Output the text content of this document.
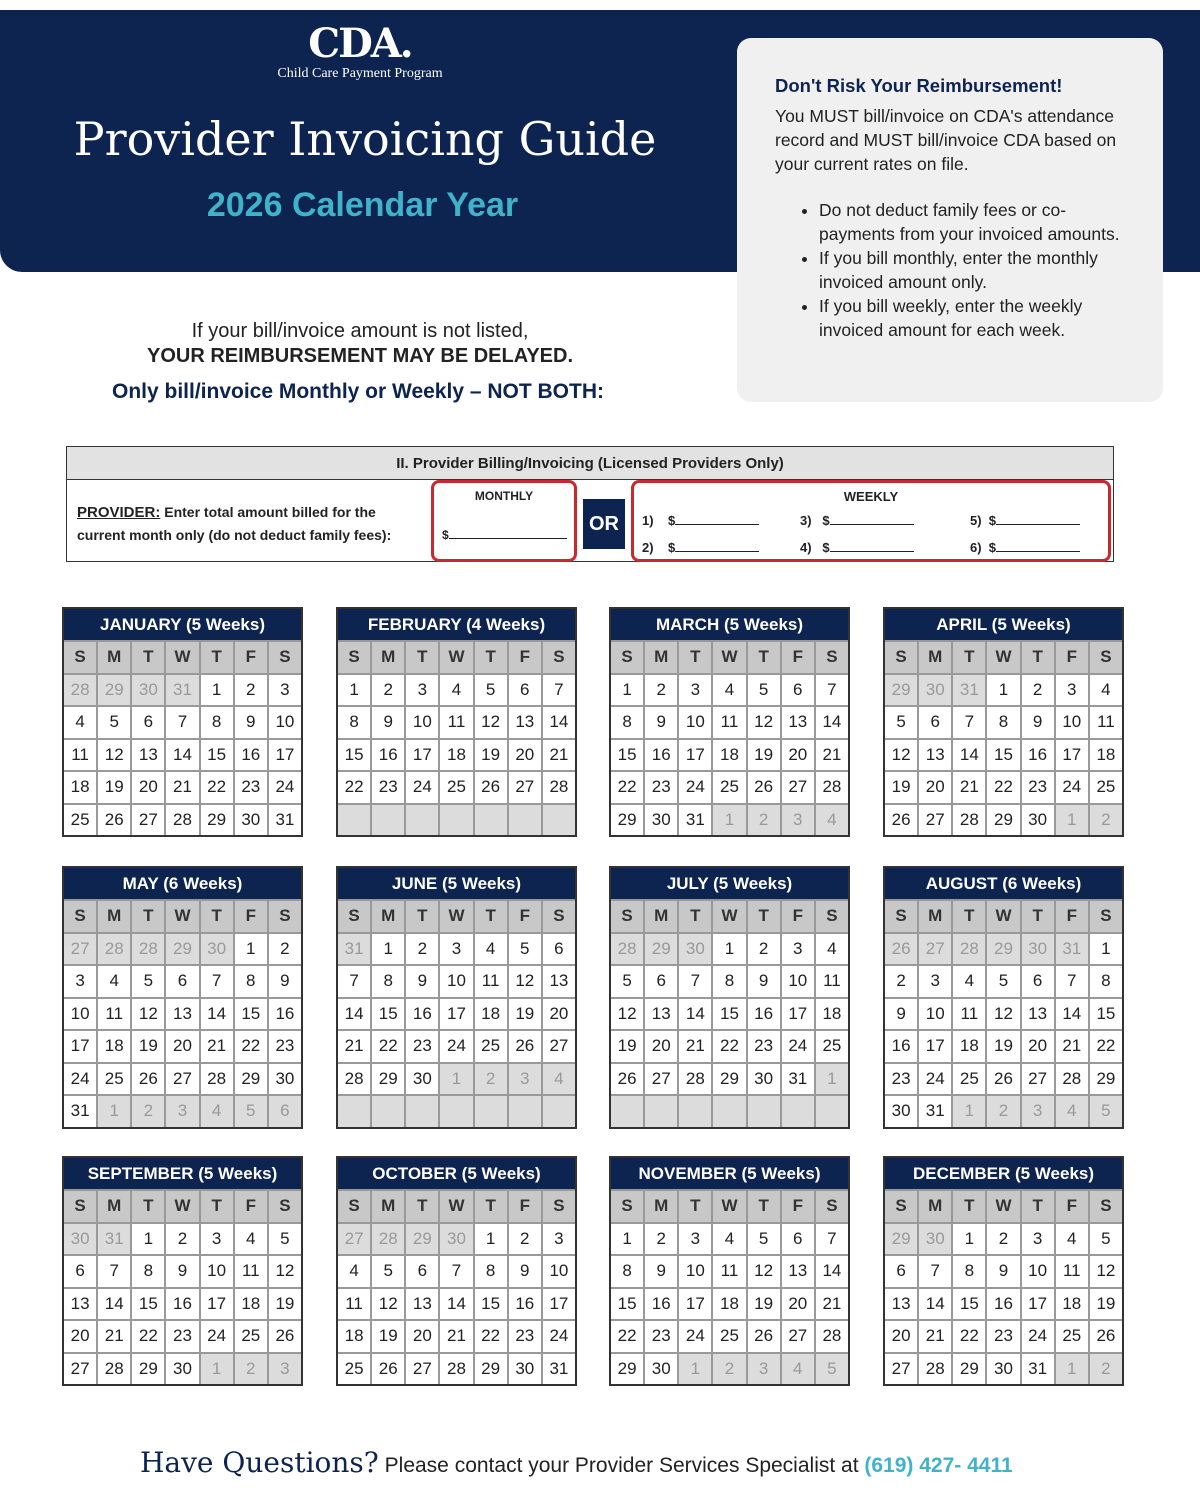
CDA.
Child Care Payment Program
Provider Invoicing Guide
2026 Calendar Year
Don't Risk Your Reimbursement!

You MUST bill/invoice on CDA's attendance record and MUST bill/invoice CDA based on your current rates on file.

• Do not deduct family fees or co-payments from your invoiced amounts.
• If you bill monthly, enter the monthly invoiced amount only.
• If you bill weekly, enter the weekly invoiced amount for each week.
If your bill/invoice amount is not listed,
YOUR REIMBURSEMENT MAY BE DELAYED.
Only bill/invoice Monthly or Weekly – NOT BOTH:
II. Provider Billing/Invoicing (Licensed Providers Only)
PROVIDER: Enter total amount billed for the
current month only (do not deduct family fees):
MONTHLY
$	OR
WEEKLY
1) $
2) $
3) $
4) $
5) $
6) $
JANUARY (5 Weeks)
S	M	T	W	T	F	S
28 29 30 31	1	2	3
4	5	6	7	8	9	10
11 12 13 14 15 16 17
18 19 20 21 22 23 24
25 26 27 28 29 30 31
FEBRUARY (4 Weeks)
S	M	T	W	T	F	S
1	2	3	4	5	6	7
8	9	10 11 12 13 14
15 16 17 18 19 20 21
22 23 24 25 26 27 28
MARCH (5 Weeks)
S	M	T	W	T	F	S
1	2	3	4	5	6	7
8	9	10 11 12 13 14
15 16 17 18 19 20 21
22 23 24 25 26 27 28
29 30 31	1	2	3	4
APRIL (5 Weeks)
S	M	T	W	T	F	S
29 30 31	1	2	3	4
5	6	7	8	9	10 11
12 13 14 15 16 17 18
19 20 21 22 23 24 25
26 27 28 29 30	1	2
MAY (6 Weeks)
S	M	T	W	T	F	S
27 28 28 29 30	1	2
3	4	5	6	7	8	9
10 11 12 13 14 15 16
17 18 19 20 21 22 23
24 25 26 27 28 29 30
31	1	2	3	4	5	6
JUNE (5 Weeks)
S	M	T	W	T	F	S
31	1	2	3	4	5	6
7	8	9	10 11 12 13
14 15 16 17 18 19 20
21 22 23 24 25 26 27
28 29 30	1	2	3	4
JULY (5 Weeks)
S	M	T	W	T	F	S
28 29 30	1	2	3	4
5	6	7	8	9	10 11
12 13 14 15 16 17 18
19 20 21 22 23 24 25
26 27 28 29 30 31	1
AUGUST (6 Weeks)
S	M	T	W	T	F	S
26 27 28 29 30 31	1
2	3	4	5	6	7	8
9	10 11 12 13 14 15
16 17 18 19 20 21 22
23 24 25 26 27 28 29
30 31	1	2	3	4	5
SEPTEMBER (5 Weeks)
S	M	T	W	T	F	S
30 31	1	2	3	4	5
6	7	8	9	10 11 12
13 14 15 16 17 18 19
20 21 22 23 24 25 26
27 28 29 30	1	2	3
OCTOBER (5 Weeks)
S	M	T	W	T	F	S
27 28 29 30	1	2	3
4	5	6	7	8	9	10
11 12 13 14 15 16 17
18 19 20 21 22 23 24
25 26 27 28 29 30 31
NOVEMBER (5 Weeks)
S	M	T	W	T	F	S
1	2	3	4	5	6	7
8	9	10 11 12 13 14
15 16 17 18 19 20 21
22 23 24 25 26 27 28
29 30	1	2	3	4	5
DECEMBER (5 Weeks)
S	M	T	W	T	F	S
29 30	1	2	3	4	5
6	7	8	9	10 11 12
13 14 15 16 17 18 19
20 21 22 23 24 25 26
27 28 29 30 31	1	2
Have Questions? Please contact your Provider Services Specialist at (619) 427- 4411
